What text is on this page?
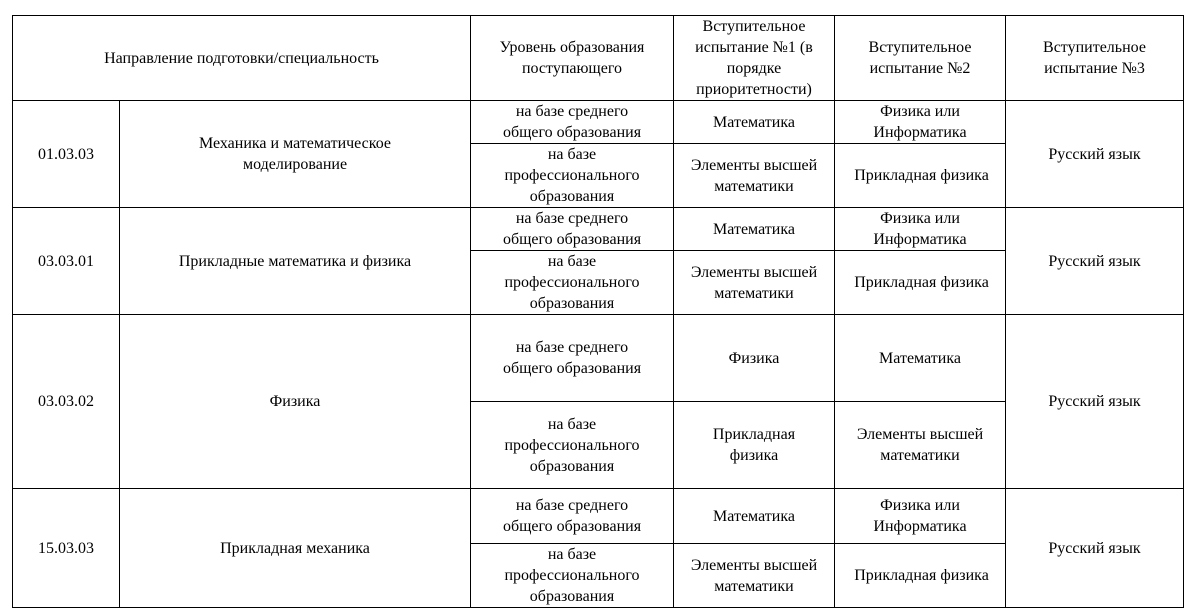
Направление подготовки/специальность		Уровень образования поступающего	Вступительное испытание №1 (в порядке приоритетности)	Вступительное испытание №2	Вступительное испытание №3
01.03.03	Механика и математическое моделирование	на базе среднего общего образования	Математика	Физика или Информатика	Русский язык
		на базе профессионального образования	Элементы высшей математики	Прикладная физика	
03.03.01	Прикладные математика и физика	на базе среднего общего образования	Математика	Физика или Информатика	Русский язык
		на базе профессионального образования	Элементы высшей математики	Прикладная физика	
03.03.02	Физика	на базе среднего общего образования	Физика	Математика	Русский язык
		на базе профессионального образования	Прикладная физика	Элементы высшей математики	
15.03.03	Прикладная механика	на базе среднего общего образования	Математика	Физика или Информатика	Русский язык
		на базе профессионального образования	Элементы высшей математики	Прикладная физика	
